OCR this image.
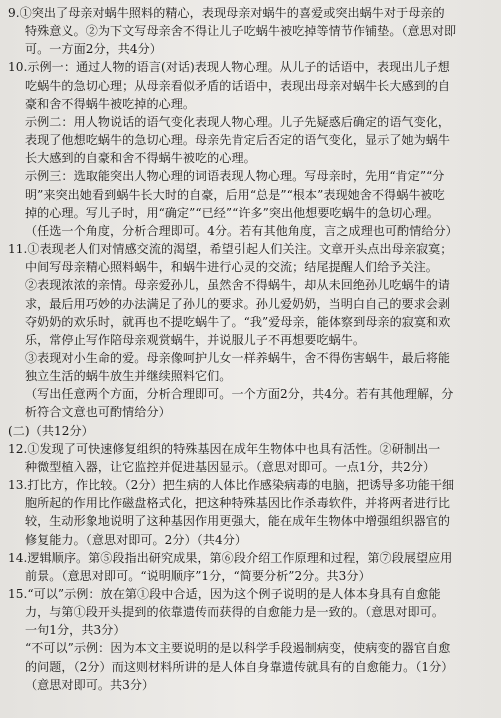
9.①突出了母亲对蜗牛照料的精心，表现母亲对蜗牛的喜爱或突出蜗牛对于母亲的
特殊意义。②为下文写母亲舍不得让儿子吃蜗牛被吃掉等情节作铺垫。（意思对即
可。一方面2分，共4分）
10.示例一：通过人物的语言(对话)表现人物心理。从儿子的话语中，表现出儿子想
吃蜗牛的急切心理；从母亲看似矛盾的话语中，表现出母亲对蜗牛长大感到的自
豪和舍不得蜗牛被吃掉的心理。
示例二：用人物说话的语气变化表现人物心理。儿子先疑惑后确定的语气变化，
表现了他想吃蜗牛的急切心理。母亲先肯定后否定的语气变化，显示了她为蜗牛
长大感到的自豪和舍不得蜗牛被吃的心理。
示例三：选取能突出人物心理的词语表现人物心理。写母亲时，先用“肯定”“分
明”来突出她看到蜗牛长大时的自豪，后用“总是”“根本”表现她舍不得蜗牛被吃
掉的心理。写儿子时，用“确定”“已经”“许多”突出他想要吃蜗牛的急切心理。
（任选一个角度，分析合理即可。4分。若有其他角度，言之成理也可酌情给分）
11.①表现老人们对情感交流的渴望，希望引起人们关注。文章开头点出母亲寂寞；
中间写母亲精心照料蜗牛，和蜗牛进行心灵的交流；结尾提醒人们给予关注。
②表现浓浓的亲情。母亲爱孙儿，虽然舍不得蜗牛，却从未回绝孙儿吃蜗牛的请
求，最后用巧妙的办法满足了孙儿的要求。孙儿爱奶奶，当明白自己的要求会剥
夺奶奶的欢乐时，就再也不提吃蜗牛了。“我”爱母亲，能体察到母亲的寂寞和欢
乐，常停止写作陪母亲观赏蜗牛，并说服儿子不再想要吃蜗牛。
③表现对小生命的爱。母亲像呵护儿女一样养蜗牛，舍不得伤害蜗牛，最后将能
独立生活的蜗牛放生并继续照料它们。
（写出任意两个方面，分析合理即可。一个方面2分，共4分。若有其他理解，分
析符合文意也可酌情给分）
(二)（共12分）
12.①发现了可快速修复组织的特殊基因在成年生物体中也具有活性。②研制出一
种微型植入器，让它监控并促进基因显示。（意思对即可。一点1分，共2分）
13.打比方，作比较。（2分）把生病的人体比作感染病毒的电脑，把诱导多功能干细
胞所起的作用比作磁盘格式化，把这种特殊基因比作杀毒软件，并将两者进行比
较，生动形象地说明了这种基因作用更强大，能在成年生物体中增强组织器官的
修复能力。（意思对即可。2分）（共4分）
14.逻辑顺序。第⑤段指出研究成果，第⑥段介绍工作原理和过程，第⑦段展望应用
前景。（意思对即可。“说明顺序”1分，“简要分析”2分。共3分）
15.“可以”示例：放在第①段中合适，因为这个例子说明的是人体本身具有自愈能
力，与第①段开头提到的依靠遗传而获得的自愈能力是一致的。（意思对即可。
一句1分，共3分）
“不可以”示例：因为本文主要说明的是以科学手段遏制病变，使病变的器官自愈
的问题，（2分）而这则材料所讲的是人体自身靠遗传就具有的自愈能力。（1分）
（意思对即可。共3分）
